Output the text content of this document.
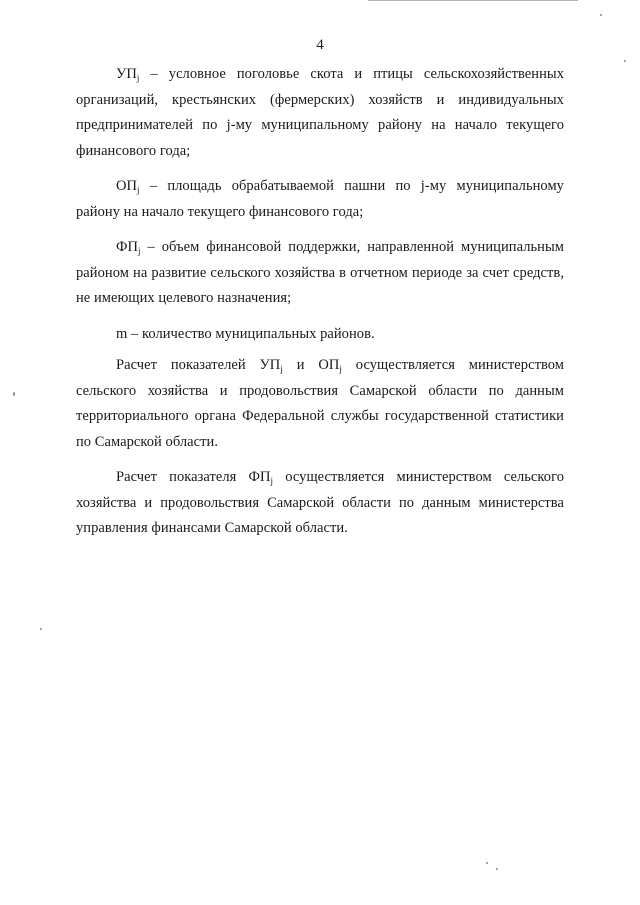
4

$УП_j$ – условное поголовье скота и птицы сельскохозяйственных организаций, крестьянских (фермерских) хозяйств и индивидуальных предпринимателей по j-му муниципальному району на начало текущего финансового года;

$ОП_j$ – площадь обрабатываемой пашни по j-му муниципальному району на начало текущего финансового года;

$ФП_j$ – объем финансовой поддержки, направленной муниципальным районом на развитие сельского хозяйства в отчетном периоде за счет средств, не имеющих целевого назначения;

m – количество муниципальных районов.

Расчет показателей $УП_j$ и $ОП_j$ осуществляется министерством сельского хозяйства и продовольствия Самарской области по данным территориального органа Федеральной службы государственной статистики по Самарской области.

Расчет показателя $ФП_j$ осуществляется министерством сельского хозяйства и продовольствия Самарской области по данным министерства управления финансами Самарской области.
